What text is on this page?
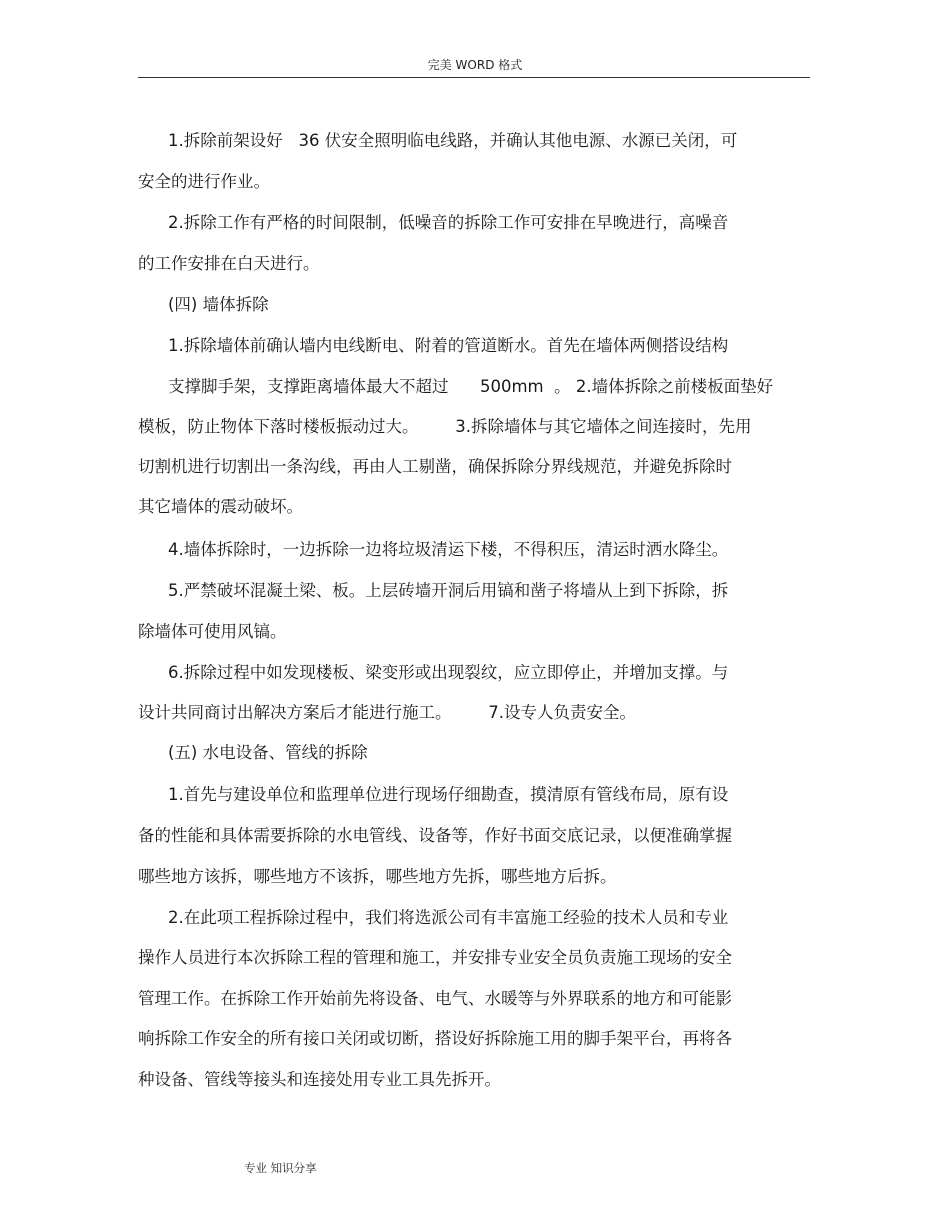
完美 WORD 格式
1.拆除前架设好   36 伏安全照明临电线路，并确认其他电源、水源已关闭，可
安全的进行作业。
2.拆除工作有严格的时间限制，低噪音的拆除工作可安排在早晚进行，高噪音
的工作安排在白天进行。
(四) 墙体拆除
1.拆除墙体前确认墙内电线断电、附着的管道断水。首先在墙体两侧搭设结构
支撑脚手架，支撑距离墙体最大不超过      500mm  。 2.墙体拆除之前楼板面垫好
模板，防止物体下落时楼板振动过大。       3.拆除墙体与其它墙体之间连接时，先用
切割机进行切割出一条沟线，再由人工剔凿，确保拆除分界线规范，并避免拆除时
其它墙体的震动破坏。
4.墙体拆除时，一边拆除一边将垃圾清运下楼，不得积压，清运时洒水降尘。
5.严禁破坏混凝土梁、板。上层砖墙开洞后用镐和凿子将墙从上到下拆除，拆
除墙体可使用风镐。
6.拆除过程中如发现楼板、梁变形或出现裂纹，应立即停止，并增加支撑。与
设计共同商讨出解决方案后才能进行施工。       7.设专人负责安全。
(五) 水电设备、管线的拆除
1.首先与建设单位和监理单位进行现场仔细勘查，摸清原有管线布局，原有设
备的性能和具体需要拆除的水电管线、设备等，作好书面交底记录，以便准确掌握
哪些地方该拆，哪些地方不该拆，哪些地方先拆，哪些地方后拆。
2.在此项工程拆除过程中，我们将选派公司有丰富施工经验的技术人员和专业
操作人员进行本次拆除工程的管理和施工，并安排专业安全员负责施工现场的安全
管理工作。在拆除工作开始前先将设备、电气、水暖等与外界联系的地方和可能影
响拆除工作安全的所有接口关闭或切断，搭设好拆除施工用的脚手架平台，再将各
种设备、管线等接头和连接处用专业工具先拆开。
专业 知识分享
